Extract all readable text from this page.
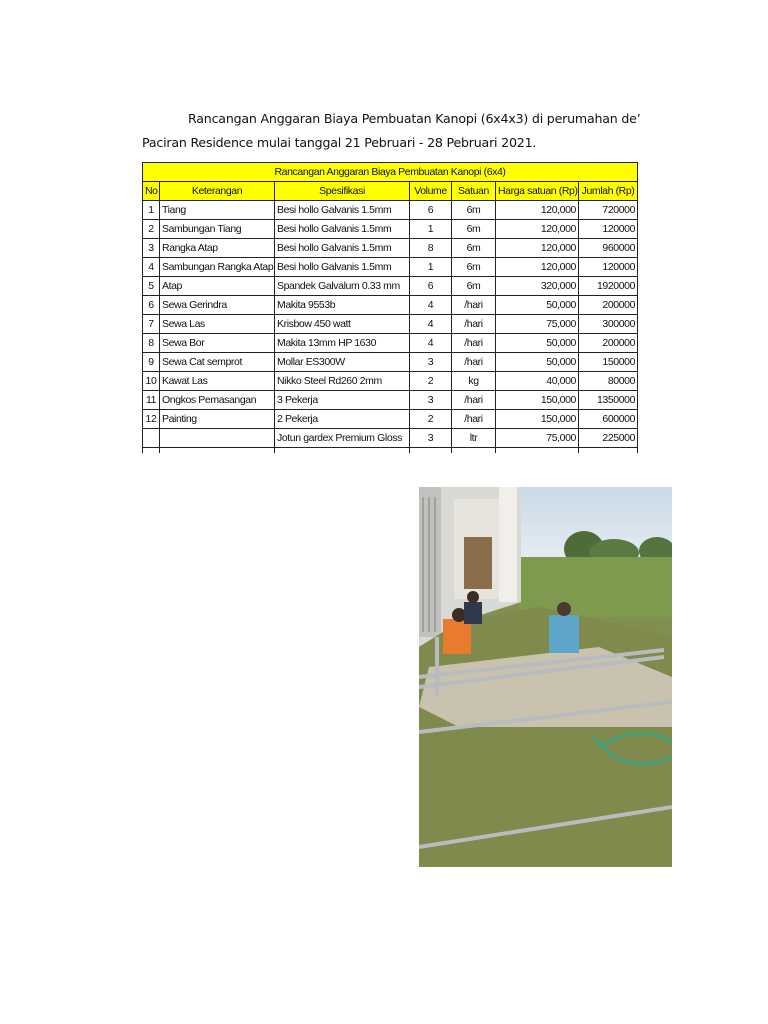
Rancangan Anggaran Biaya Pembuatan Kanopi (6x4x3) di perumahan de’ Paciran Residence mulai tanggal 21 Pebruari - 28 Pebruari 2021.

Rancangan Anggaran Biaya Pembuatan Kanopi (6x4)						
No	Keterangan	Spesifikasi	Volume	Satuan	Harga satuan (Rp)	Jumlah (Rp)
1	Tiang	Besi hollo Galvanis 1.5mm	6	6m	120,000	720000
2	Sambungan Tiang	Besi hollo Galvanis 1.5mm	1	6m	120,000	120000
3	Rangka Atap	Besi hollo Galvanis 1.5mm	8	6m	120,000	960000
4	Sambungan Rangka Atap	Besi hollo Galvanis 1.5mm	1	6m	120,000	120000
5	Atap	Spandek Galvalum 0.33 mm	6	6m	320,000	1920000
6	Sewa Gerindra	Makita 9553b	4	/hari	50,000	200000
7	Sewa Las	Krisbow 450 watt	4	/hari	75,000	300000
8	Sewa Bor	Makita 13mm HP 1630	4	/hari	50,000	200000
9	Sewa Cat semprot	Mollar ES300W	3	/hari	50,000	150000
10	Kawat Las	Nikko Steel Rd260 2mm	2	kg	40,000	80000
11	Ongkos Pemasangan	3 Pekerja	3	/hari	150,000	1350000
12	Painting	2 Pekerja	2	/hari	150,000	600000
		Jotun gardex Premium Gloss	3	ltr	75,000	225000
